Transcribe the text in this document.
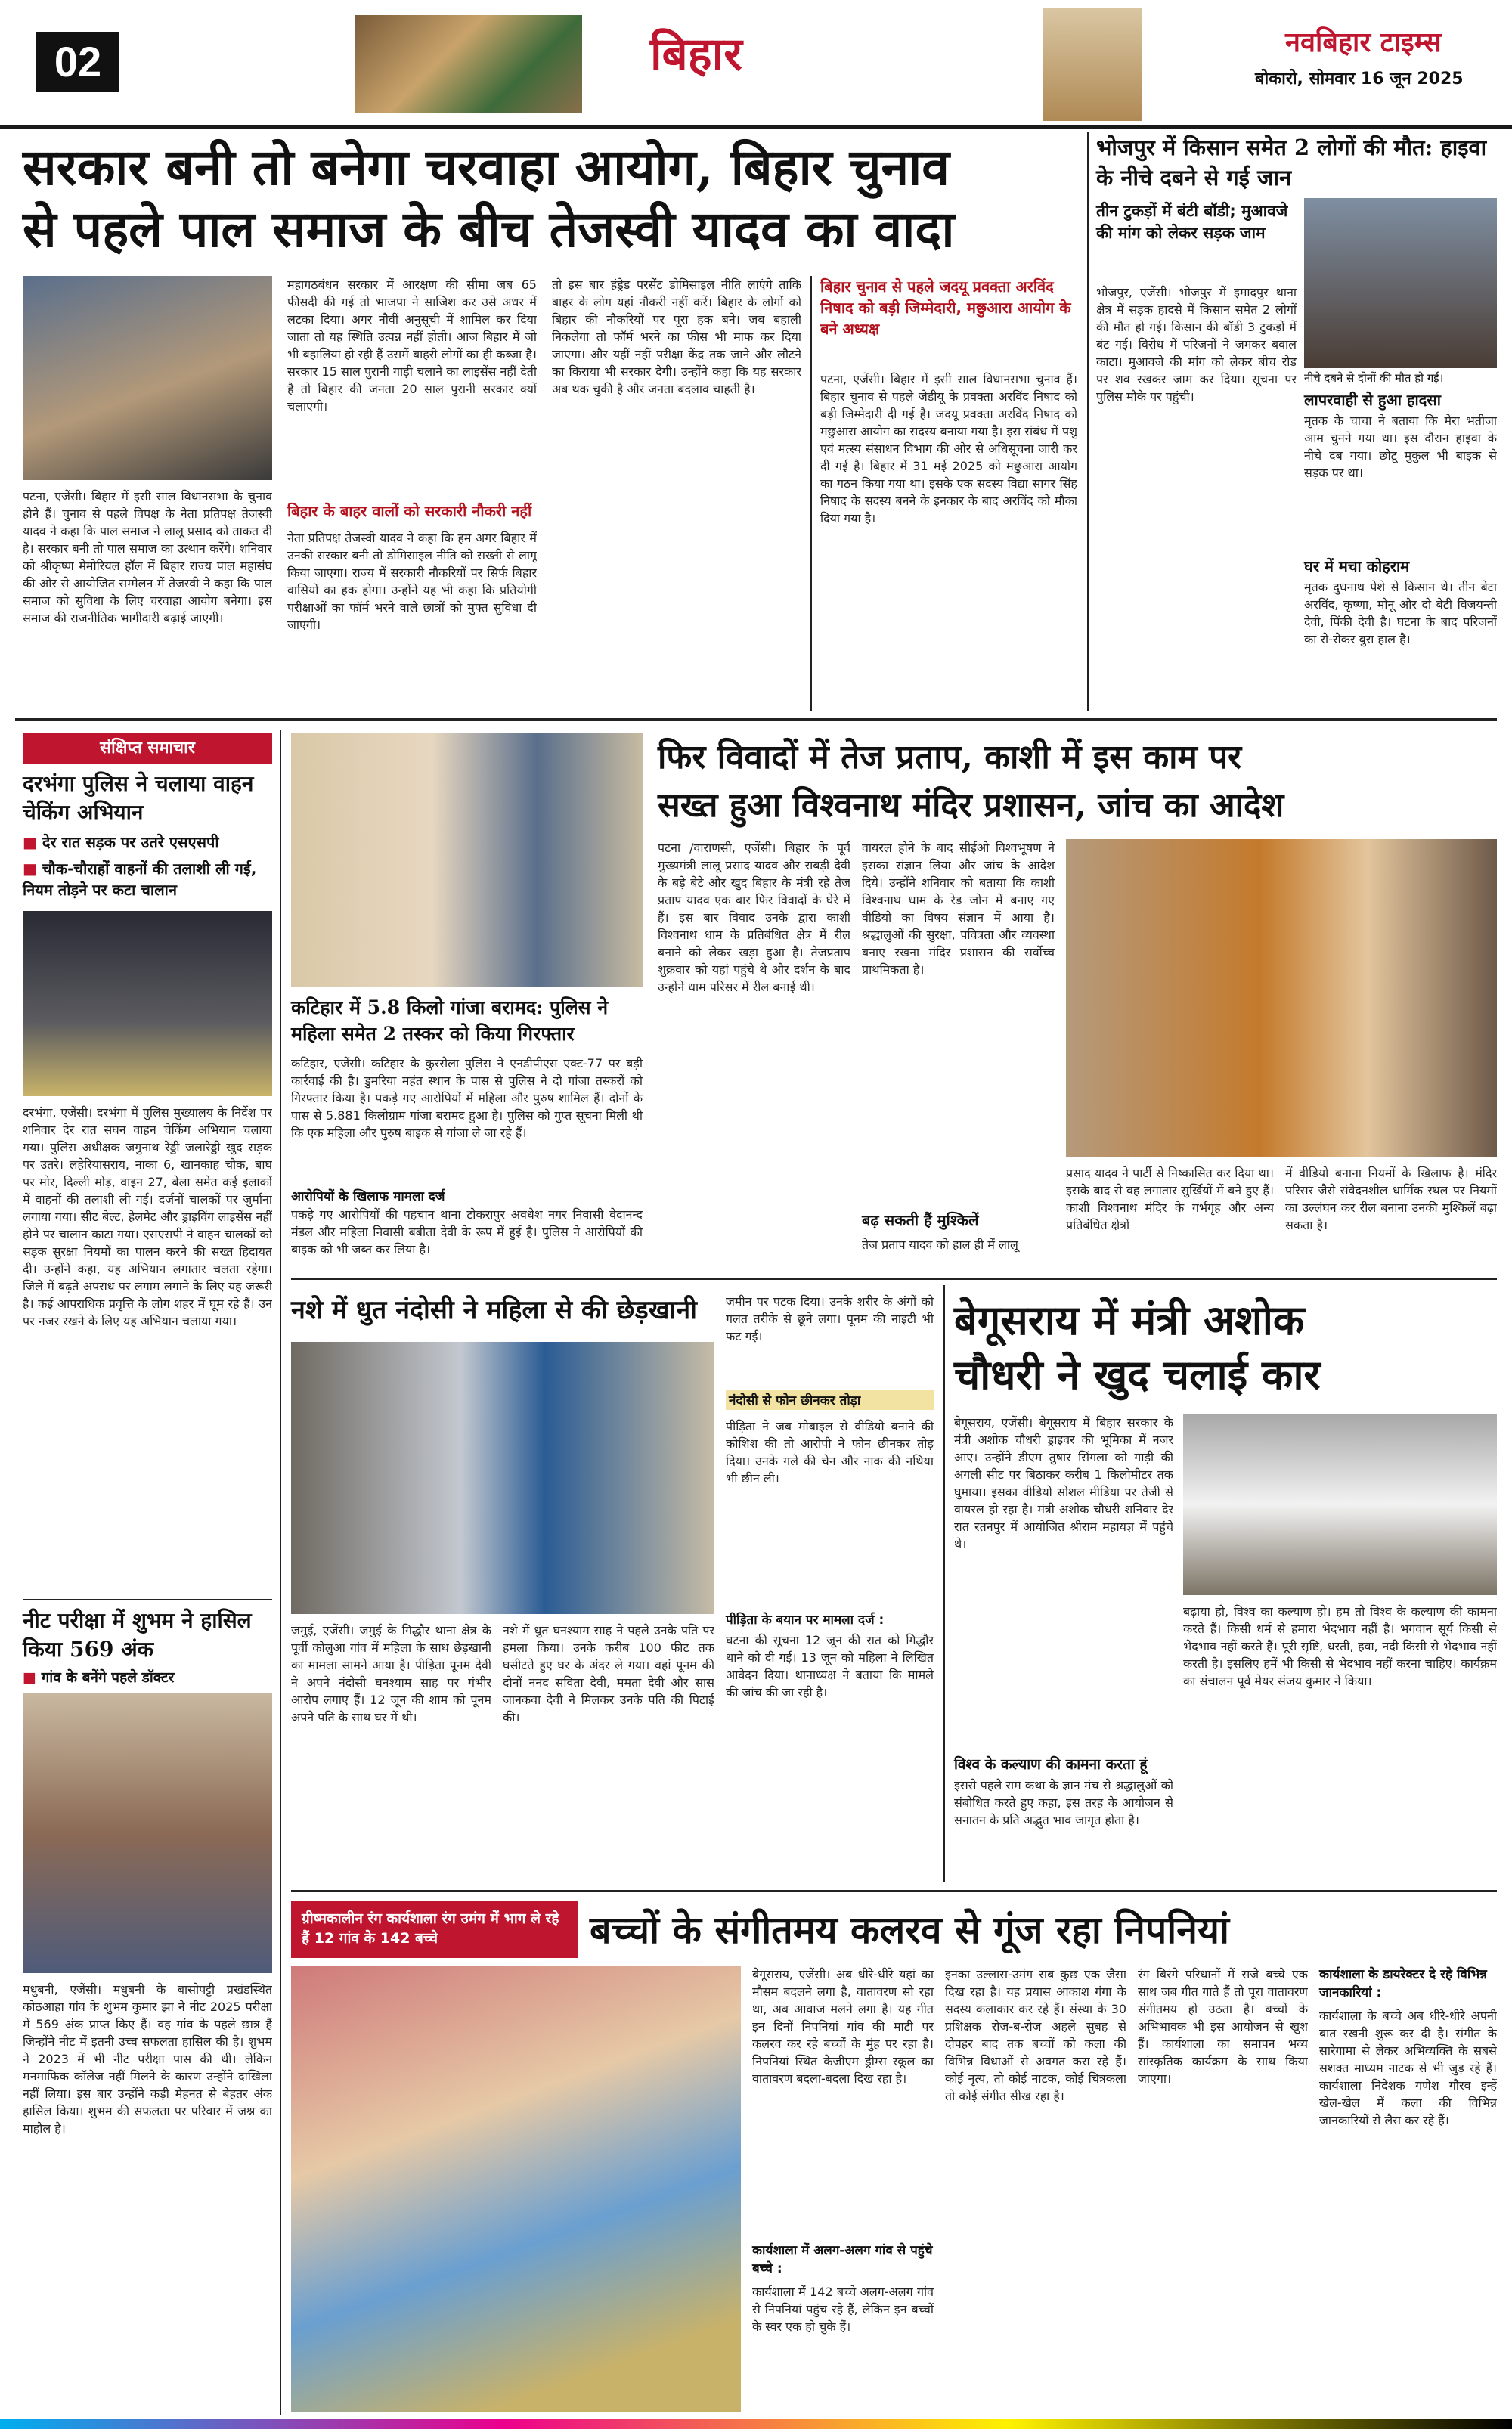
02	बिहार	नवबिहार टाइम्स
बोकारो, सोमवार 16 जून 2025
सरकार बनी तो बनेगा चरवाहा आयोग, बिहार चुनाव
से पहले पाल समाज के बीच तेजस्वी यादव का वादा
पटना, एजेंसी। बिहार में इसी साल विधानसभा के चुनाव होने हैं। चुनाव से पहले विपक्ष के नेता प्रतिपक्ष तेजस्वी यादव ने कहा कि पाल समाज ने लालू प्रसाद को ताकत दी है। सरकार बनी तो पाल समाज का उत्थान करेंगे। शनिवार को श्रीकृष्ण मेमोरियल हॉल में बिहार राज्य पाल महासंघ की ओर से आयोजित सम्मेलन में तेजस्वी ने कहा कि पाल समाज को सुविधा के लिए चरवाहा आयोग बनेगा। इस समाज की राजनीतिक भागीदारी बढ़ाई जाएगी।
महागठबंधन सरकार में आरक्षण की सीमा जब 65 फीसदी की गई तो भाजपा ने साजिश कर उसे अधर में लटका दिया। अगर नौवीं अनुसूची में शामिल कर दिया जाता तो यह स्थिति उत्पन्न नहीं होती। आज बिहार में जो भी बहालियां हो रही हैं उसमें बाहरी लोगों का ही कब्जा है। सरकार 15 साल पुरानी गाड़ी चलाने का लाइसेंस नहीं देती है तो बिहार की जनता 20 साल पुरानी सरकार क्यों चलाएगी।
बिहार के बाहर वालों को सरकारी नौकरी नहीं
नेता प्रतिपक्ष तेजस्वी यादव ने कहा कि हम अगर बिहार में उनकी सरकार बनी तो डोमिसाइल नीति को सख्ती से लागू किया जाएगा। राज्य में सरकारी नौकरियों पर सिर्फ बिहार वासियों का हक होगा। उन्होंने यह भी कहा कि प्रतियोगी परीक्षाओं का फॉर्म भरने वाले छात्रों को मुफ्त सुविधा दी जाएगी।
तो इस बार हंड्रेड परसेंट डोमिसाइल नीति लाएंगे ताकि बाहर के लोग यहां नौकरी नहीं करें। बिहार के लोगों को बिहार की नौकरियों पर पूरा हक बने। जब बहाली निकलेगा तो फॉर्म भरने का फीस भी माफ कर दिया जाएगा। और यहीं नहीं परीक्षा केंद्र तक जाने और लौटने का किराया भी सरकार देगी। उन्होंने कहा कि यह सरकार अब थक चुकी है और जनता बदलाव चाहती है।
बिहार चुनाव से पहले जदयू प्रवक्ता अरविंद निषाद को बड़ी जिम्मेदारी, मछुआरा आयोग के बने अध्यक्ष
पटना, एजेंसी। बिहार में इसी साल विधानसभा चुनाव हैं। बिहार चुनाव से पहले जेडीयू के प्रवक्ता अरविंद निषाद को बड़ी जिम्मेदारी दी गई है। जदयू प्रवक्ता अरविंद निषाद को मछुआरा आयोग का सदस्य बनाया गया है। इस संबंध में पशु एवं मत्स्य संसाधन विभाग की ओर से अधिसूचना जारी कर दी गई है। बिहार में 31 मई 2025 को मछुआरा आयोग का गठन किया गया था। इसके एक सदस्य विद्या सागर सिंह निषाद के सदस्य बनने के इनकार के बाद अरविंद को मौका दिया गया है।
भोजपुर में किसान समेत 2 लोगों की मौत: हाइवा के नीचे दबने से गई जान
तीन टुकड़ों में बंटी बॉडी; मुआवजे की मांग को लेकर सड़क जाम
नीचे दबने से दोनों की मौत हो गई।
भोजपुर, एजेंसी। भोजपुर में इमादपुर थाना क्षेत्र में सड़क हादसे में किसान समेत 2 लोगों की मौत हो गई। किसान की बॉडी 3 टुकड़ों में बंट गई। विरोध में परिजनों ने जमकर बवाल काटा। मुआवजे की मांग को लेकर बीच रोड पर शव रखकर जाम कर दिया। सूचना पर पुलिस मौके पर पहुंची।	लापरवाही से हुआ हादसा
मृतक के चाचा ने बताया कि मेरा भतीजा आम चुनने गया था। इस दौरान हाइवा के नीचे दब गया। छोटू मुकुल भी बाइक से सड़क पर था।
घर में मचा कोहराम
मृतक दुधनाथ पेशे से किसान थे। तीन बेटा अरविंद, कृष्णा, मोनू और दो बेटी विजयन्ती देवी, पिंकी देवी है। घटना के बाद परिजनों का रो-रोकर बुरा हाल है।
संक्षिप्त समाचार
दरभंगा पुलिस ने चलाया वाहन चेकिंग अभियान
■ देर रात सड़क पर उतरे एसएसपी
■ चौक-चौराहों वाहनों की तलाशी ली गई, नियम तोड़ने पर कटा चालान
दरभंगा, एजेंसी। दरभंगा में पुलिस मुख्यालय के निर्देश पर शनिवार देर रात सघन वाहन चेकिंग अभियान चलाया गया। पुलिस अधीक्षक जगुनाथ रेड्डी जलारेड्डी खुद सड़क पर उतरे। लहेरियासराय, नाका 6, खानकाह चौक, बाघ पर मोर, दिल्ली मोड़, वाइन 27, बेला समेत कई इलाकों में वाहनों की तलाशी ली गई। दर्जनों चालकों पर जुर्माना लगाया गया। सीट बेल्ट, हेलमेट और ड्राइविंग लाइसेंस नहीं होने पर चालान काटा गया। एसएसपी ने वाहन चालकों को सड़क सुरक्षा नियमों का पालन करने की सख्त हिदायत दी। उन्होंने कहा, यह अभियान लगातार चलता रहेगा। जिले में बढ़ते अपराध पर लगाम लगाने के लिए यह जरूरी है। कई आपराधिक प्रवृत्ति के लोग शहर में घूम रहे हैं। उन पर नजर रखने के लिए यह अभियान चलाया गया।
नीट परीक्षा में शुभम ने हासिल किया 569 अंक
■ गांव के बनेंगे पहले डॉक्टर
मधुबनी, एजेंसी। मधुबनी के बासोपट्टी प्रखंडस्थित कोठआहा गांव के शुभम कुमार झा ने नीट 2025 परीक्षा में 569 अंक प्राप्त किए हैं। वह गांव के पहले छात्र हैं जिन्होंने नीट में इतनी उच्च सफलता हासिल की है। शुभम ने 2023 में भी नीट परीक्षा पास की थी। लेकिन मनमाफिक कॉलेज नहीं मिलने के कारण उन्होंने दाखिला नहीं लिया। इस बार उन्होंने कड़ी मेहनत से बेहतर अंक हासिल किया। शुभम की सफलता पर परिवार में जश्न का माहौल है।
कटिहार में 5.8 किलो गांजा बरामद: पुलिस ने महिला समेत 2 तस्कर को किया गिरफ्तार
कटिहार, एजेंसी। कटिहार के कुरसेला पुलिस ने एनडीपीएस एक्ट-77 पर बड़ी कार्रवाई की है। डुमरिया महंत स्थान के पास से पुलिस ने दो गांजा तस्करों को गिरफ्तार किया है। पकड़े गए आरोपियों में महिला और पुरुष शामिल हैं। दोनों के पास से 5.881 किलोग्राम गांजा बरामद हुआ है। पुलिस को गुप्त सूचना मिली थी कि एक महिला और पुरुष बाइक से गांजा ले जा रहे हैं।
आरोपियों के खिलाफ मामला दर्ज
पकड़े गए आरोपियों की पहचान थाना टोकरापुर अवधेश नगर निवासी वेदानन्द मंडल और महिला निवासी बबीता देवी के रूप में हुई है। पुलिस ने आरोपियों की बाइक को भी जब्त कर लिया है।
फिर विवादों में तेज प्रताप, काशी में इस काम पर
सख्त हुआ विश्वनाथ मंदिर प्रशासन, जांच का आदेश
पटना /वाराणसी, एजेंसी। बिहार के पूर्व मुख्यमंत्री लालू प्रसाद यादव और राबड़ी देवी के बड़े बेटे और खुद बिहार के मंत्री रहे तेज प्रताप यादव एक बार फिर विवादों के घेरे में हैं। इस बार विवाद उनके द्वारा काशी विश्वनाथ धाम के प्रतिबंधित क्षेत्र में रील बनाने को लेकर खड़ा हुआ है। तेजप्रताप शुक्रवार को यहां पहुंचे थे और दर्शन के बाद उन्होंने धाम परिसर में रील बनाई थी।
वायरल होने के बाद सीईओ विश्वभूषण ने इसका संज्ञान लिया और जांच के आदेश दिये। उन्होंने शनिवार को बताया कि काशी विश्वनाथ धाम के रेड जोन में बनाए गए वीडियो का विषय संज्ञान में आया है। श्रद्धालुओं की सुरक्षा, पवित्रता और व्यवस्था बनाए रखना मंदिर प्रशासन की सर्वोच्च प्राथमिकता है।
बढ़ सकती हैं मुश्किलें
तेज प्रताप यादव को हाल ही में लालू
प्रसाद यादव ने पार्टी से निष्कासित कर दिया था। इसके बाद से वह लगातार सुर्खियों में बने हुए हैं। काशी विश्वनाथ मंदिर के गर्भगृह और अन्य प्रतिबंधित क्षेत्रों
में वीडियो बनाना नियमों के खिलाफ है। मंदिर परिसर जैसे संवेदनशील धार्मिक स्थल पर नियमों का उल्लंघन कर रील बनाना उनकी मुश्किलें बढ़ा सकता है।
नशे में धुत नंदोसी ने महिला से की छेड़खानी
जमुई, एजेंसी। जमुई के गिद्धौर थाना क्षेत्र के पूर्वी कोलुआ गांव में महिला के साथ छेड़खानी का मामला सामने आया है। पीड़िता पूनम देवी ने अपने नंदोसी घनश्याम साह पर गंभीर आरोप लगाए हैं। 12 जून की शाम को पूनम अपने पति के साथ घर में थी।
नशे में धुत घनश्याम साह ने पहले उनके पति पर हमला किया। उनके करीब 100 फीट तक घसीटते हुए घर के अंदर ले गया। वहां पूनम की दोनों ननद सविता देवी, ममता देवी और सास जानकवा देवी ने मिलकर उनके पति की पिटाई की।
जमीन पर पटक दिया। उनके शरीर के अंगों को गलत तरीके से छूने लगा। पूनम की नाइटी भी फट गई।
नंदोसी से फोन छीनकर तोड़ा
पीड़िता ने जब मोबाइल से वीडियो बनाने की कोशिश की तो आरोपी ने फोन छीनकर तोड़ दिया। उनके गले की चेन और नाक की नथिया भी छीन ली।
पीड़िता के बयान पर मामला दर्ज :
घटना की सूचना 12 जून की रात को गिद्धौर थाने को दी गई। 13 जून को महिला ने लिखित आवेदन दिया। थानाध्यक्ष ने बताया कि मामले की जांच की जा रही है।
बेगूसराय में मंत्री अशोक
चौधरी ने खुद चलाई कार
बेगूसराय, एजेंसी। बेगूसराय में बिहार सरकार के मंत्री अशोक चौधरी ड्राइवर की भूमिका में नजर आए। उन्होंने डीएम तुषार सिंगला को गाड़ी की अगली सीट पर बिठाकर करीब 1 किलोमीटर तक घुमाया। इसका वीडियो सोशल मीडिया पर तेजी से वायरल हो रहा है। मंत्री अशोक चौधरी शनिवार देर रात रतनपुर में आयोजित श्रीराम महायज्ञ में पहुंचे थे।
विश्व के कल्याण की कामना करता हूं
इससे पहले राम कथा के ज्ञान मंच से श्रद्धालुओं को संबोधित करते हुए कहा, इस तरह के आयोजन से सनातन के प्रति अद्भुत भाव जागृत होता है।
बढ़ाया हो, विश्व का कल्याण हो। हम तो विश्व के कल्याण की कामना करते हैं। किसी धर्म से हमारा भेदभाव नहीं है। भगवान सूर्य किसी से भेदभाव नहीं करते हैं। पूरी सृष्टि, धरती, हवा, नदी किसी से भेदभाव नहीं करती है। इसलिए हमें भी किसी से भेदभाव नहीं करना चाहिए। कार्यक्रम का संचालन पूर्व मेयर संजय कुमार ने किया।
ग्रीष्मकालीन रंग कार्यशाला रंग उमंग में भाग ले रहे हैं 12 गांव के 142 बच्चे	बच्चों के संगीतमय कलरव से गूंज रहा निपनियां
बेगूसराय, एजेंसी। अब धीरे-धीरे यहां का मौसम बदलने लगा है, वातावरण सो रहा था, अब आवाज मलने लगा है। यह गीत इन दिनों निपनियां गांव की माटी पर कलरव कर रहे बच्चों के मुंह पर रहा है। निपनियां स्थित केजीएम ड्रीम्स स्कूल का वातावरण बदला-बदला दिख रहा है।
कार्यशाला में अलग-अलग गांव से पहुंचे बच्चे :
कार्यशाला में 142 बच्चे अलग-अलग गांव से निपनियां पहुंच रहे हैं, लेकिन इन बच्चों के स्वर एक हो चुके हैं।
इनका उल्लास-उमंग सब कुछ एक जैसा दिख रहा है। यह प्रयास आकाश गंगा के सदस्य कलाकार कर रहे हैं। संस्था के 30 प्रशिक्षक रोज-ब-रोज अहले सुबह से दोपहर बाद तक बच्चों को कला की विभिन्न विधाओं से अवगत करा रहे हैं। कोई नृत्य, तो कोई नाटक, कोई चित्रकला तो कोई संगीत सीख रहा है।
रंग बिरंगे परिधानों में सजे बच्चे एक साथ जब गीत गाते हैं तो पूरा वातावरण संगीतमय हो उठता है। बच्चों के अभिभावक भी इस आयोजन से खुश हैं। कार्यशाला का समापन भव्य सांस्कृतिक कार्यक्रम के साथ किया जाएगा।
कार्यशाला के डायरेक्टर दे रहे विभिन्न जानकारियां :
कार्यशाला के बच्चे अब धीरे-धीरे अपनी बात रखनी शुरू कर दी है। संगीत के सारेगामा से लेकर अभिव्यक्ति के सबसे सशक्त माध्यम नाटक से भी जुड़ रहे हैं। कार्यशाला निदेशक गणेश गौरव इन्हें खेल-खेल में कला की विभिन्न जानकारियों से लैस कर रहे हैं।
